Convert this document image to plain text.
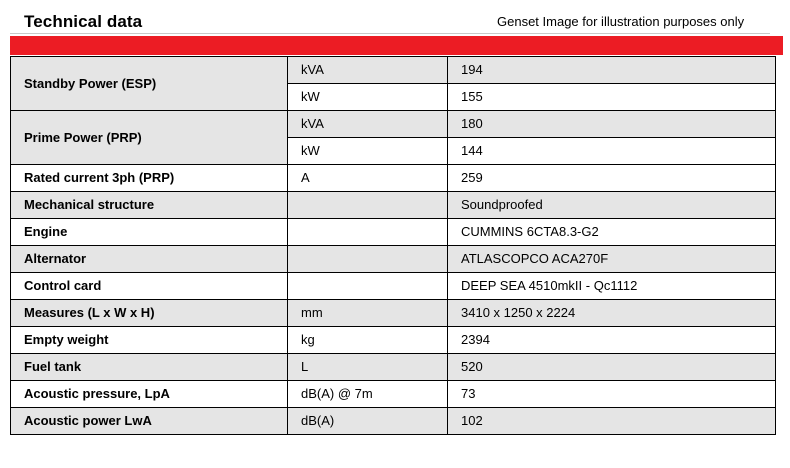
Technical data	Genset Image for illustration purposes only
Standby Power (ESP)	kVA	194
	kW	155
Prime Power (PRP)	kVA	180
	kW	144
Rated current 3ph (PRP)	A	259
Mechanical structure		Soundproofed
Engine		CUMMINS 6CTA8.3-G2
Alternator		ATLASCOPCO ACA270F
Control card		DEEP SEA 4510mkII - Qc1112
Measures (L x W x H)	mm	3410 x 1250 x 2224
Empty weight	kg	2394
Fuel tank	L	520
Acoustic pressure, LpA	dB(A) @ 7m	73
Acoustic power LwA	dB(A)	102
